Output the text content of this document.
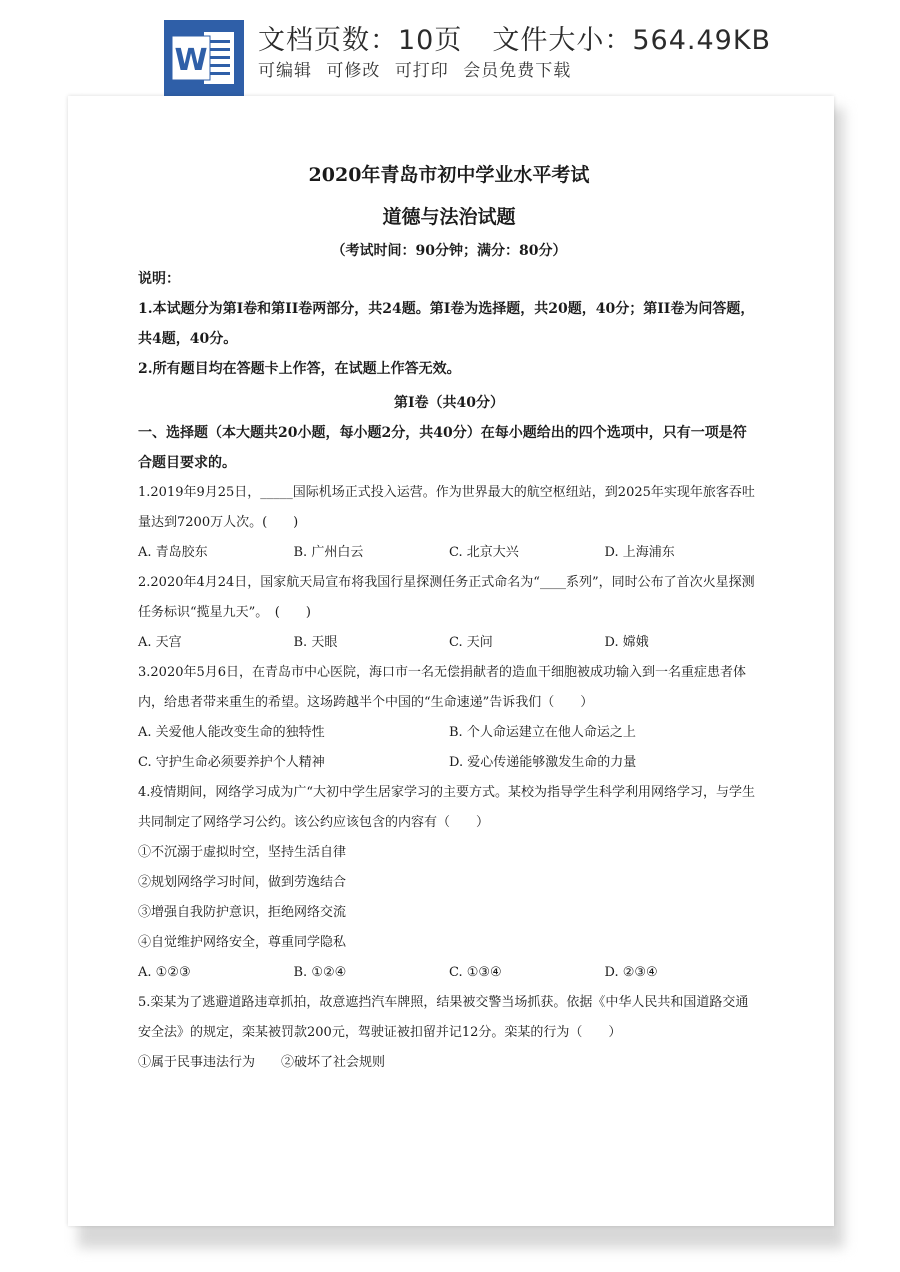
W
文档页数：10页 文件大小：564.49KB
可编辑 可修改 可打印 会员免费下载
2020年青岛市初中学业水平考试
道德与法治试题
（考试时间：90分钟；满分：80分）
说明：
1.本试题分为第Ⅰ卷和第II卷两部分，共24题。第Ⅰ卷为选择题，共20题，40分；第II卷为问答题，共4题，40分。
2.所有题目均在答题卡上作答，在试题上作答无效。
第Ⅰ卷（共40分）
一、选择题（本大题共20小题，每小题2分，共40分）在每小题给出的四个选项中，只有一项是符合题目要求的。
1.2019年9月25日，_____国际机场正式投入运营。作为世界最大的航空枢纽站，到2025年实现年旅客吞吐量达到7200万人次。(　　)
A. 青岛胶东	B. 广州白云	C. 北京大兴	D. 上海浦东
2.2020年4月24日，国家航天局宣布将我国行星探测任务正式命名为“____系列”，同时公布了首次火星探测任务标识“揽星九天”。　(　　)
A. 天宫	B. 天眼	C. 天问	D. 嫦娥
3.2020年5月6日，在青岛市中心医院，海口市一名无偿捐献者的造血干细胞被成功输入到一名重症患者体内，给患者带来重生的希望。这场跨越半个中国的“生命速递”告诉我们（　　）
A. 关爱他人能改变生命的独特性	B. 个人命运建立在他人命运之上
C. 守护生命必须要养护个人精神	D. 爱心传递能够激发生命的力量
4.疫情期间，网络学习成为广“大初中学生居家学习的主要方式。某校为指导学生科学利用网络学习，与学生共同制定了网络学习公约。该公约应该包含的内容有（　　）
①不沉溺于虚拟时空，坚持生活自律
②规划网络学习时间，做到劳逸结合
③增强自我防护意识，拒绝网络交流
④自觉维护网络安全，尊重同学隐私
A. ①②③	B. ①②④	C. ①③④	D. ②③④
5.栾某为了逃避道路违章抓拍，故意遮挡汽车牌照，结果被交警当场抓获。依据《中华人民共和国道路交通安全法》的规定，栾某被罚款200元，驾驶证被扣留并记12分。栾某的行为（　　）
①属于民事违法行为　　②破坏了社会规则
